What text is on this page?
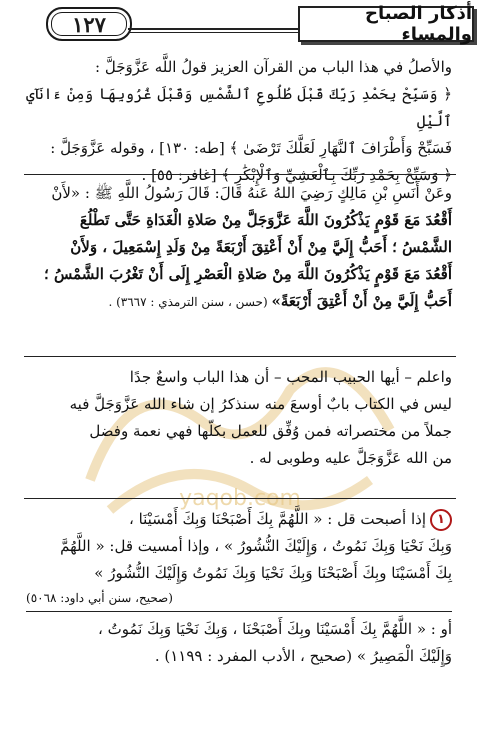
١٢٧	أذكار الصباح والمساء
yaqob.com

والأصلُ في هذا الباب من القرآن العزيز قولُ اللَّه عَزَّوَجَلَّ :

﴿ وَسَبِّحْ بِحَمْدِ رَبِّكَ قَبْلَ طُلُوعِ ٱلشَّمْسِ وَقَبْلَ غُرُوبِهَا وَمِنْ ءَانَآيِ ٱلَّيْلِ

فَسَبِّحْ وَأَطْرَافَ ٱلنَّهَارِ لَعَلَّكَ تَرْضَىٰ ﴾ [طه: ١٣٠] ، وقوله عَزَّوَجَلَّ :

﴿ وَسَبِّحْ بِحَمْدِ رَبِّكَ بِٱلْعَشِيِّ وَٱلْإِبْكَٰرِ ﴾ [غافر: ٥٥] .

وعَنْ أَنَسِ بْنِ مَالِكٍ رَضِيَ اللهُ عَنهُ قَالَ: قَالَ رَسُولُ اللَّهِ ﷺ : «لأَنْ

أَقْعُدَ مَعَ قَوْمٍ يَذْكُرُونَ اللَّهَ عَزَّوَجَلَّ مِنْ صَلاةِ الْغَدَاةِ حَتَّى تَطْلُعَ

الشَّمْسُ ؛ أَحَبُّ إِلَيَّ مِنْ أَنْ أَعْتِقَ أَرْبَعَةً مِنْ وَلَدِ إِسْمَعِيلَ ، وَلأَنْ

أَقْعُدَ مَعَ قَوْمٍ يَذْكُرُونَ اللَّهَ مِنْ صَلاةِ الْعَصْرِ إِلَى أَنْ تَغْرُبَ الشَّمْسُ ؛

أَحَبُّ إِلَيَّ مِنْ أَنْ أَعْتِقَ أَرْبَعَةً» (حسن ، سنن الترمذي : ٣٦٦٧) .

واعلم – أيها الحبيب المحب – أن هذا الباب واسعٌ جدًا

ليس في الكتاب بابٌ أوسعَ منه سنذكرُ إن شاء الله عَزَّوَجَلَّ فيه

جملاً من مختصراته فمن وُفِّق للعمل بكلّها فهي نعمة وفضل

من الله عَزَّوَجَلَّ عليه وطوبى له .

١إذا أصبحت قل : « اللَّهُمَّ بِكَ أَصْبَحْنَا وَبِكَ أَمْسَيْنَا ،

وَبِكَ نَحْيَا وَبِكَ نَمُوتُ ، وَإِلَيْكَ النُّشُورُ » ، وإذا أمسيت قل: « اللَّهُمَّ

بِكَ أَمْسَيْنَا وبِكَ أَصْبَحْنَا وَبِكَ نَحْيَا وَبِكَ نَمُوتُ وَإِلَيْكَ النُّشُورُ »

(صحيح، سنن أبي داود: ٥٠٦٨)

أو : « اللَّهُمَّ بِكَ أَمْسَيْنَا وبِكَ أَصْبَحْنَا ، وَبِكَ نَحْيَا وَبِكَ نَمُوتُ ،

وَإِلَيْكَ الْمَصِيرُ » (صحيح ، الأدب المفرد : ١١٩٩) .
